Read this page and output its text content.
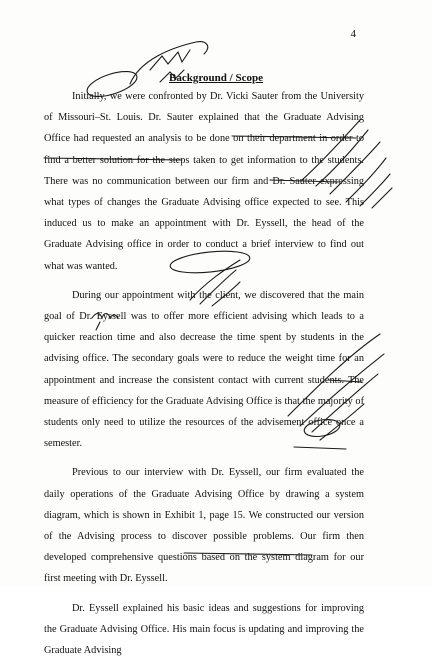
4
Background / Scope

Initially, we were confronted by Dr. Vicki Sauter from the University of Missouri–St. Louis. Dr. Sauter explained that the Graduate Advising Office had requested an analysis to be done on their department in order to find a better solution for the steps taken to get information to the students. There was no communication between our firm and Dr. Sauter expressing what types of changes the Graduate Advising office expected to see. This induced us to make an appointment with Dr. Eyssell, the head of the Graduate Advising office in order to conduct a brief interview to find out what was wanted.

During our appointment with the client, we discovered that the main goal of Dr. Eyssell was to offer more efficient advising which leads to a quicker reaction time and also decrease the time spent by students in the advising office. The secondary goals were to reduce the weight time for an appointment and increase the consistent contact with current students. The measure of efficiency for the Graduate Advising Office is that the majority of students only need to utilize the resources of the advisement office once a semester.

Previous to our interview with Dr. Eyssell, our firm evaluated the daily operations of the Graduate Advising Office by drawing a system diagram, which is shown in Exhibit 1, page 15. We constructed our version of the Advising process to discover possible problems. Our firm then developed comprehensive questions based on the system diagram for our first meeting with Dr. Eyssell.

Dr. Eyssell explained his basic ideas and suggestions for improving the Graduate Advising Office. His main focus is updating and improving the Graduate Advising
